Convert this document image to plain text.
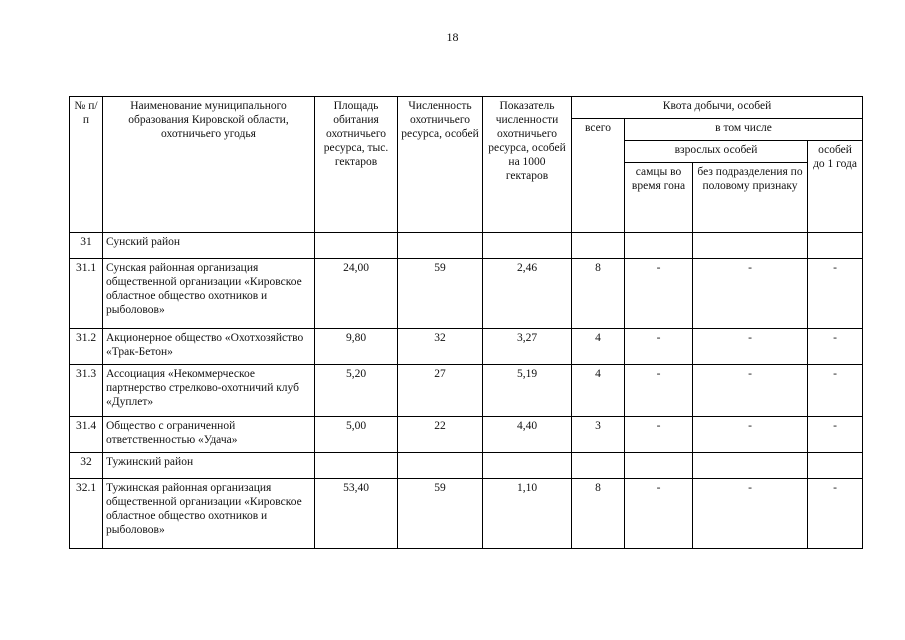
18
№ п/п	Наименование муниципального образования Кировской области, охотничьего угодья	Площадь обитания охотничьего ресурса, тыс. гектаров	Численность охотничьего ресурса, особей	Показатель численности охотничьего ресурса, особей на 1000 гектаров	Квота добычи, особей			
					всего	в том числе		
						взрослых особей		особей до 1 года
						самцы во время гона	без подразделения по половому признаку	
31	Сунский район							
31.1	Сунская районная организация общественной организации «Кировское областное общество охотников и рыболовов»	24,00	59	2,46	8	-	-	-
31.2	Акционерное общество «Охотхозяйство «Трак-Бетон»	9,80	32	3,27	4	-	-	-
31.3	Ассоциация «Некоммерческое партнерство стрелково-охотничий клуб «Дуплет»	5,20	27	5,19	4	-	-	-
31.4	Общество с ограниченной ответственностью «Удача»	5,00	22	4,40	3	-	-	-
32	Тужинский район							
32.1	Тужинская районная организация общественной организации «Кировское областное общество охотников и рыболовов»	53,40	59	1,10	8	-	-	-
